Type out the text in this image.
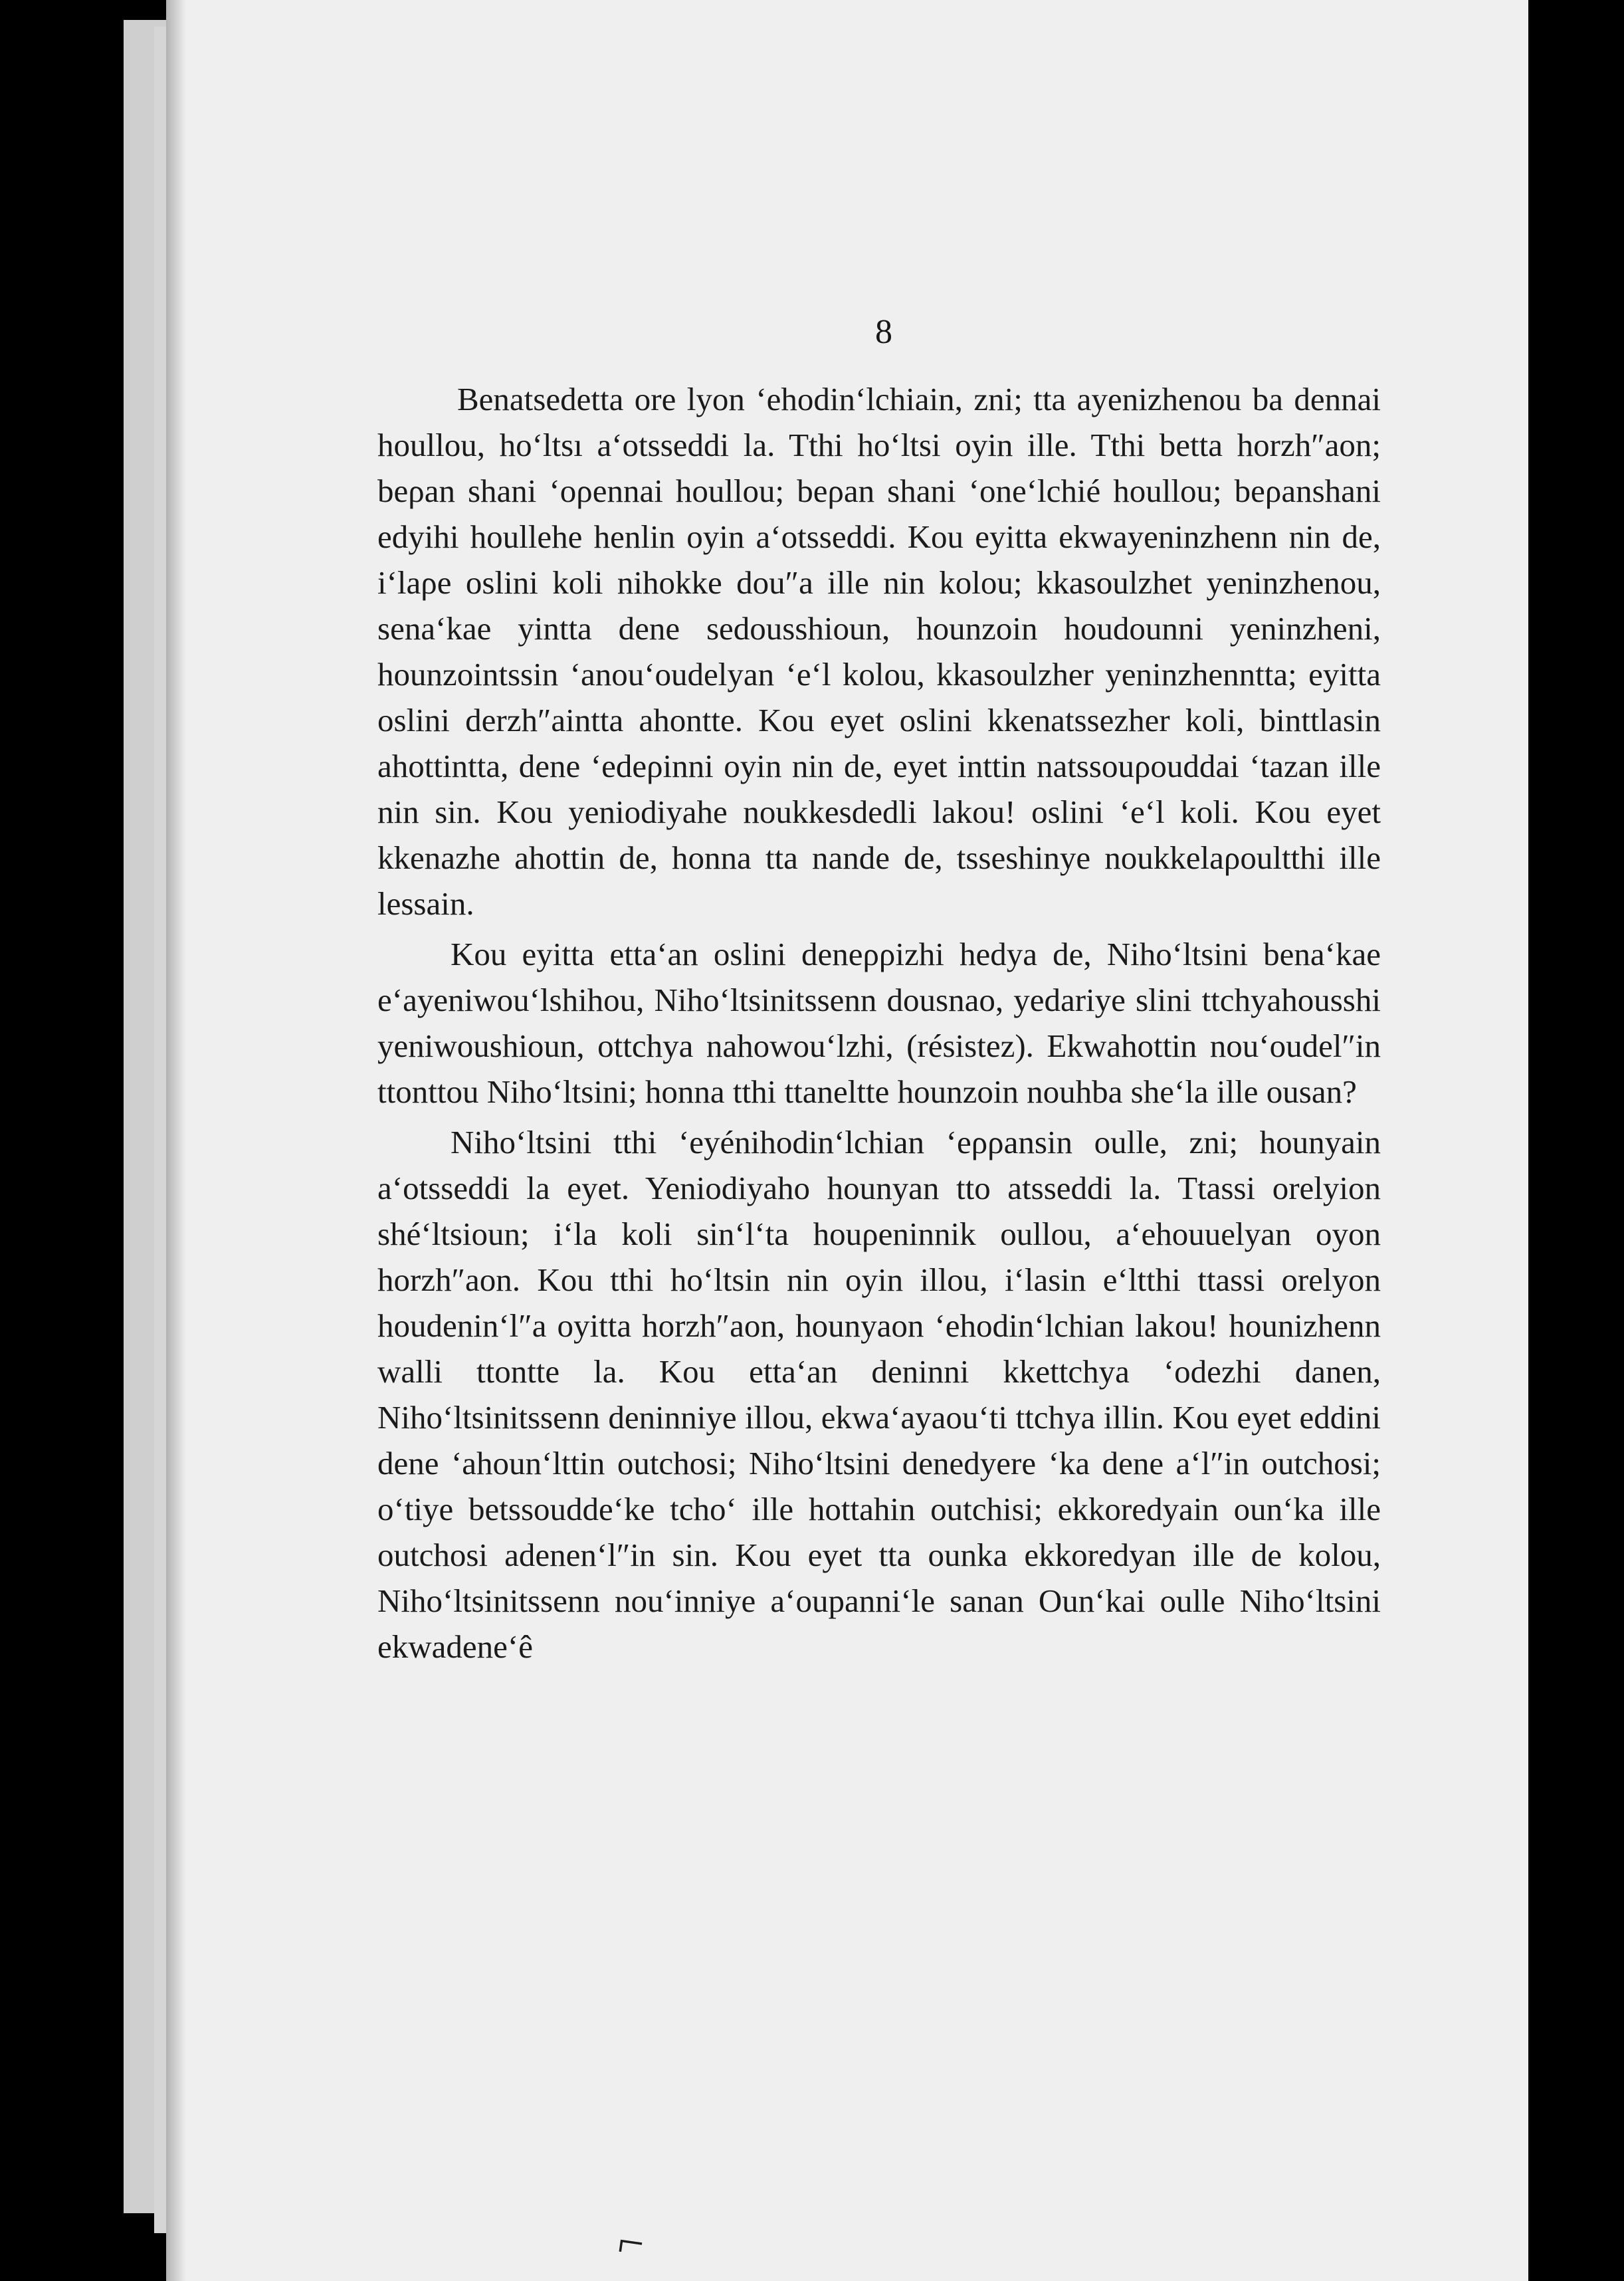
8

Benatsedetta ore lyon ‘ehodin‘lchiain, zni; tta ayenizhenou ba dennai houllou, ho‘ltsı a‘otsseddi la. Tthi ho‘ltsi oyin ille. Tthi betta horzh″aon; beρan shani ‘oρennai houllou; beρan shani ‘one‘lchié houllou; beρanshani edyihi houllehe henlin oyin a‘otsseddi. Kou eyitta ekwayeninzhenn nin de, i‘laρe oslini koli nihokke dou″a ille nin kolou; kkasoulzhet yeninzhenou, sena‘kae yintta dene sedousshioun, hounzoin houdounni yeninzheni, hounzointssin ‘anou‘oudelyan ‘e‘l kolou, kkasoulzher yeninzhenntta; eyitta oslini derzh″aintta ahontte. Kou eyet oslini kkenatssezher koli, binttlasin ahottintta, dene ‘edeρinni oyin nin de, eyet inttin natssouρouddai ‘tazan ille nin sin. Kou yeniodiyahe noukkesdedli lakou! oslini ‘e‘l koli. Kou eyet kkenazhe ahottin de, honna tta nande de, tsseshinye noukkelaρoultthi ille lessain.

Kou eyitta etta‘an oslini deneρρizhi hedya de, Niho‘ltsini bena‘kae e‘ayeniwou‘lshihou, Niho‘ltsinitssenn dousnao, yedariye slini ttchyahousshi yeniwoushioun, ottchya nahowou‘lzhi, (résistez). Ekwahottin nou‘oudel″in ttonttou Niho‘ltsini; honna tthi ttaneltte hounzoin nouhba she‘la ille ousan?

Niho‘ltsini tthi ‘eyénihodin‘lchian ‘eρρansin oulle, zni; hounyain a‘otsseddi la eyet. Yeniodiyaho hounyan tto atsseddi la. Ttassi orelyion shé‘ltsioun; i‘la koli sin‘l‘ta houρeninnik oullou, a‘ehouuelyan oyon horzh″aon. Kou tthi ho‘ltsin nin oyin illou, i‘lasin e‘ltthi ttassi orelyon houdenin‘l″a oyitta horzh″aon, hounyaon ‘ehodin‘lchian lakou! hounizhenn walli ttontte la. Kou etta‘an deninni kkettchya ‘odezhi danen, Niho‘ltsinitssenn deninniye illou, ekwa‘ayaou‘ti ttchya illin. Kou eyet eddini dene ‘ahoun‘lttin outchosi; Niho‘ltsini denedyere ‘ka dene a‘l″in outchosi; o‘tiye betssoudde‘ke tcho‘ ille hottahin outchisi; ekkoredyain oun‘ka ille outchosi adenen‘l″in sin. Kou eyet tta ounka ekkoredyan ille de kolou, Niho‘ltsinitssenn nou‘inniye a‘oupanni‘le sanan Oun‘kai oulle Niho‘ltsini ekwadene‘ê

⌐
